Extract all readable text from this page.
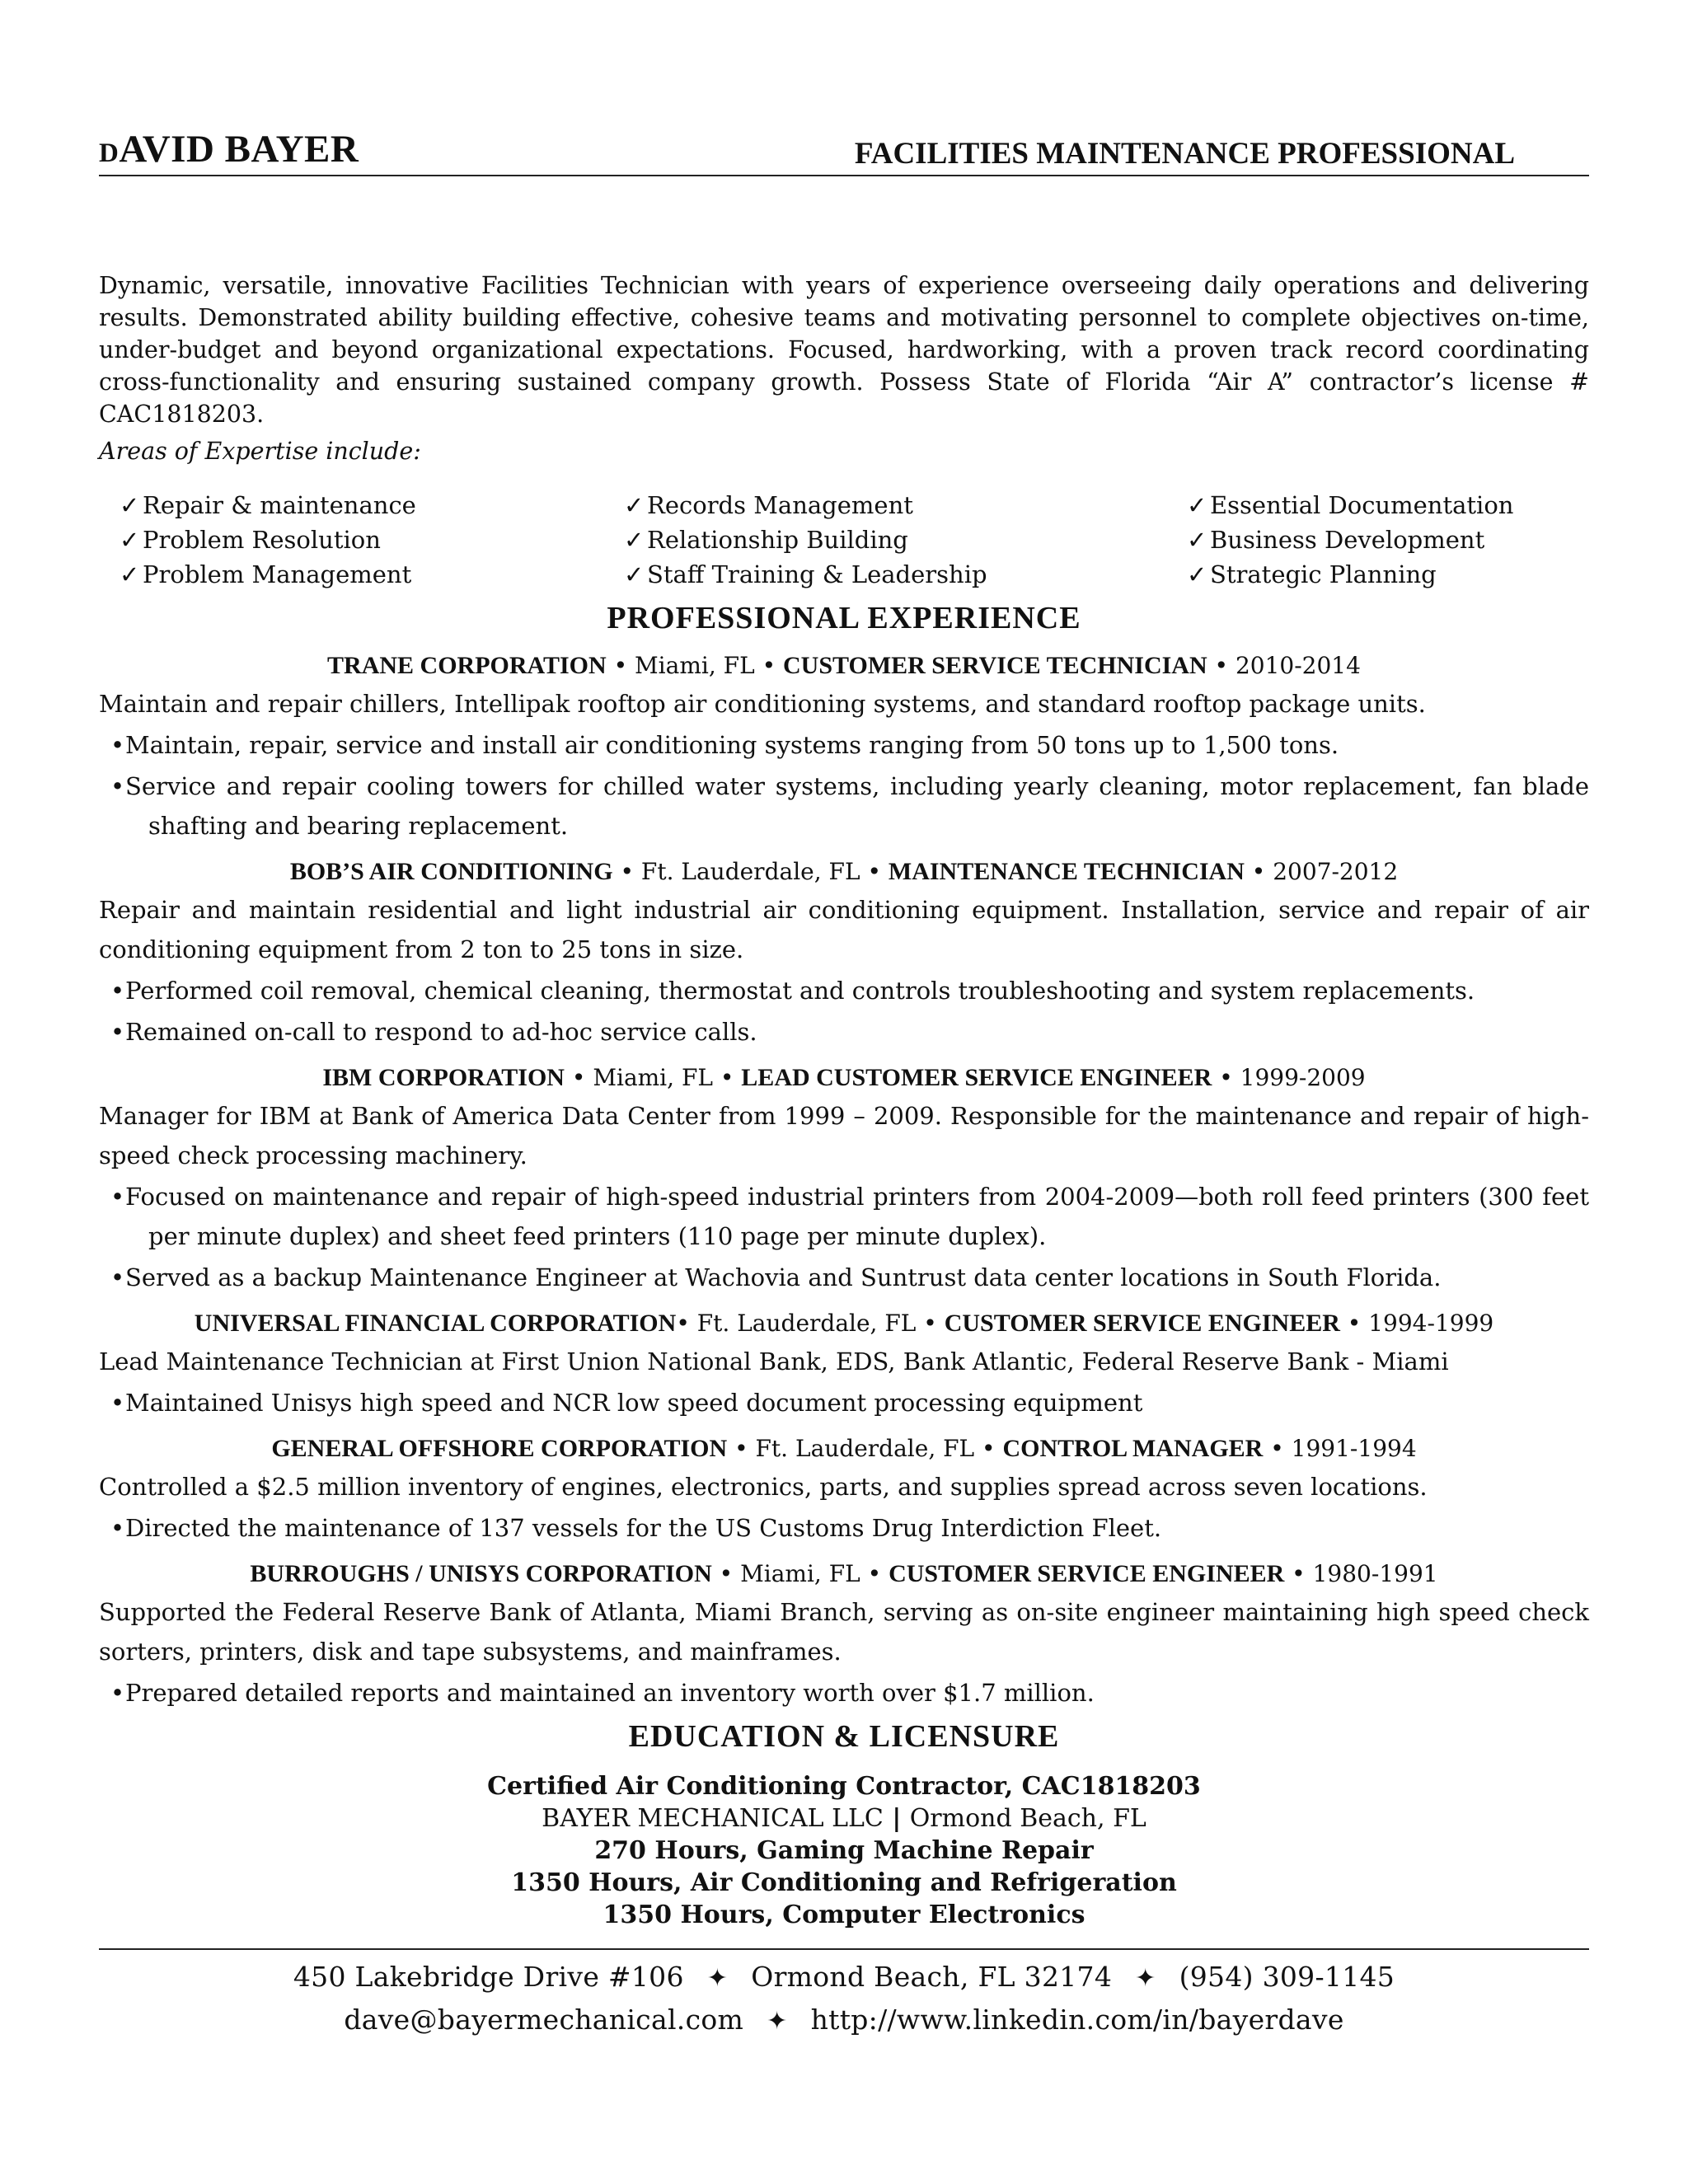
dAVID BAYER	FACILITIES MAINTENANCE PROFESSIONAL
Dynamic, versatile, innovative Facilities Technician with years of experience overseeing daily operations and delivering results. Demonstrated ability building effective, cohesive teams and motivating personnel to complete objectives on-time, under-budget and beyond organizational expectations. Focused, hardworking, with a proven track record coordinating cross-functionality and ensuring sustained company growth. Possess State of Florida “Air A” contractor’s license # CAC1818203.
Areas of Expertise include:
✓ Repair & maintenance
✓ Problem Resolution
✓ Problem Management
✓ Records Management
✓ Relationship Building
✓ Staff Training & Leadership
✓ Essential Documentation
✓ Business Development
✓ Strategic Planning
PROFESSIONAL EXPERIENCE
TRANE CORPORATION • Miami, FL • CUSTOMER SERVICE TECHNICIAN • 2010-2014
Maintain and repair chillers, Intellipak rooftop air conditioning systems, and standard rooftop package units.
•Maintain, repair, service and install air conditioning systems ranging from 50 tons up to 1,500 tons.
•Service and repair cooling towers for chilled water systems, including yearly cleaning, motor replacement, fan blade shafting and bearing replacement.
BOB’S AIR CONDITIONING • Ft. Lauderdale, FL • MAINTENANCE TECHNICIAN • 2007-2012
Repair and maintain residential and light industrial air conditioning equipment. Installation, service and repair of air conditioning equipment from 2 ton to 25 tons in size.
•Performed coil removal, chemical cleaning, thermostat and controls troubleshooting and system replacements.
•Remained on-call to respond to ad-hoc service calls.
IBM CORPORATION • Miami, FL • LEAD CUSTOMER SERVICE ENGINEER • 1999-2009
Manager for IBM at Bank of America Data Center from 1999 – 2009. Responsible for the maintenance and repair of high-speed check processing machinery.
•Focused on maintenance and repair of high-speed industrial printers from 2004-2009—both roll feed printers (300 feet per minute duplex) and sheet feed printers (110 page per minute duplex).
•Served as a backup Maintenance Engineer at Wachovia and Suntrust data center locations in South Florida.
UNIVERSAL FINANCIAL CORPORATION• Ft. Lauderdale, FL • CUSTOMER SERVICE ENGINEER • 1994-1999
Lead Maintenance Technician at First Union National Bank, EDS, Bank Atlantic, Federal Reserve Bank - Miami
•Maintained Unisys high speed and NCR low speed document processing equipment
GENERAL OFFSHORE CORPORATION • Ft. Lauderdale, FL • CONTROL MANAGER • 1991-1994
Controlled a $2.5 million inventory of engines, electronics, parts, and supplies spread across seven locations.
•Directed the maintenance of 137 vessels for the US Customs Drug Interdiction Fleet.
BURROUGHS / UNISYS CORPORATION • Miami, FL • CUSTOMER SERVICE ENGINEER • 1980-1991
Supported the Federal Reserve Bank of Atlanta, Miami Branch, serving as on-site engineer maintaining high speed check sorters, printers, disk and tape subsystems, and mainframes.
•Prepared detailed reports and maintained an inventory worth over $1.7 million.
EDUCATION & LICENSURE
Certified Air Conditioning Contractor, CAC1818203
BAYER MECHANICAL LLC | Ormond Beach, FL
270 Hours, Gaming Machine Repair
1350 Hours, Air Conditioning and Refrigeration
1350 Hours, Computer Electronics
450 Lakebridge Drive #106 ✦ Ormond Beach, FL 32174 ✦ (954) 309-1145
dave@bayermechanical.com ✦ http://www.linkedin.com/in/bayerdave
